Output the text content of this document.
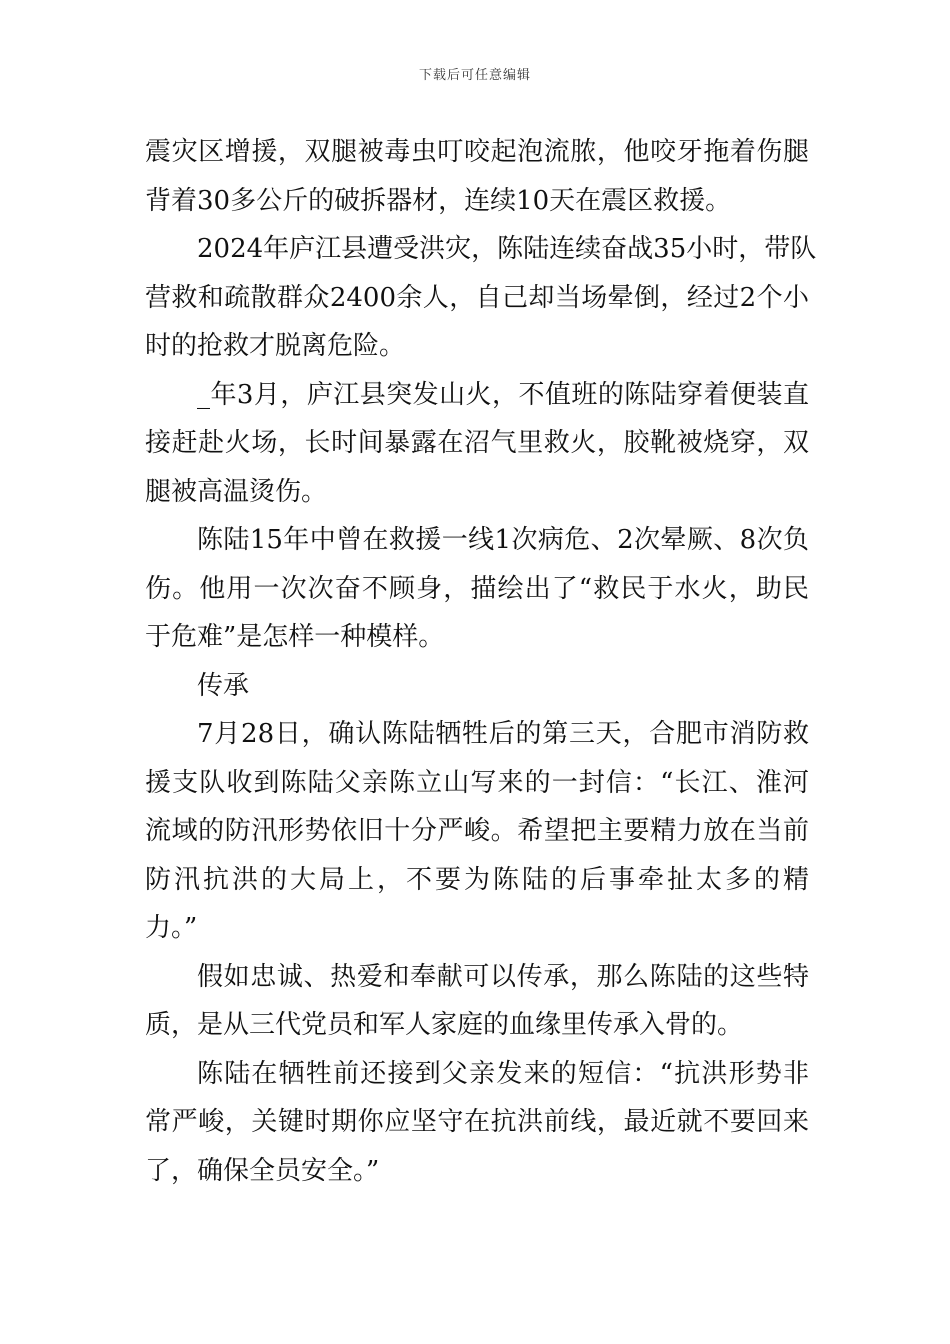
下载后可任意编辑
震灾区增援，双腿被毒虫叮咬起泡流脓，他咬牙拖着伤腿
背着30多公斤的破拆器材，连续10天在震区救援。
2024年庐江县遭受洪灾，陈陆连续奋战35小时，带队
营救和疏散群众2400余人，自己却当场晕倒，经过2个小
时的抢救才脱离危险。
_年3月，庐江县突发山火，不值班的陈陆穿着便装直
接赶赴火场，长时间暴露在沼气里救火，胶靴被烧穿，双
腿被高温烫伤。
陈陆15年中曾在救援一线1次病危、2次晕厥、8次负
伤。他用一次次奋不顾身，描绘出了“救民于水火，助民
于危难”是怎样一种模样。
传承
7月28日，确认陈陆牺牲后的第三天，合肥市消防救
援支队收到陈陆父亲陈立山写来的一封信：“长江、淮河
流域的防汛形势依旧十分严峻。希望把主要精力放在当前
防汛抗洪的大局上，不要为陈陆的后事牵扯太多的精
力。”
假如忠诚、热爱和奉献可以传承，那么陈陆的这些特
质，是从三代党员和军人家庭的血缘里传承入骨的。
陈陆在牺牲前还接到父亲发来的短信：“抗洪形势非
常严峻，关键时期你应坚守在抗洪前线，最近就不要回来
了，确保全员安全。”
